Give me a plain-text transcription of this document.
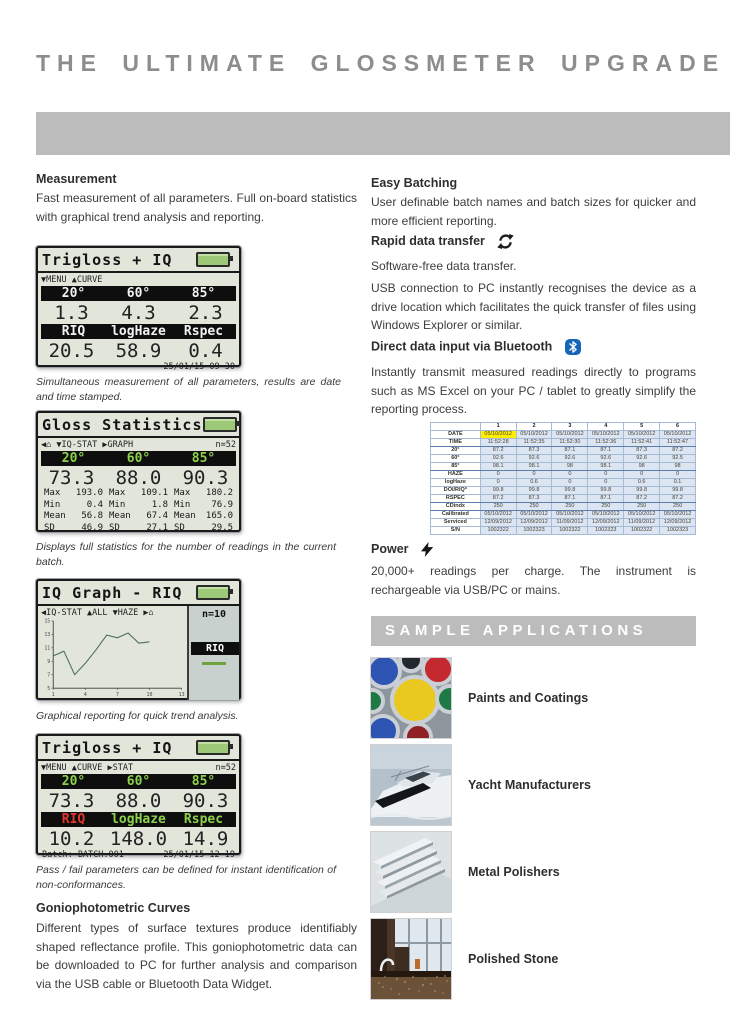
THE ULTIMATE GLOSSMETER UPGRADE
Measurement

Fast measurement of all parameters. Full on-board statistics with graphical trend analysis and reporting.

Trigloss + IQ
▼MENU ▲CURVE
20°	60°	85°
1.3	4.3	2.3
RIQ	logHaze	Rspec
20.5	58.9	0.4
25/01/15 09 30

Simultaneous measurement of all parameters, results are date and time stamped.

Gloss Statistics
◀⌂ ▼IQ-STAT ▶GRAPH	n=52
20°	60°	85°
73.3	88.0	90.3
Max 193.0 Max 109.1 Max 180.2
Min	0.4 Min	1.8 Min 76.9
Mean 56.8 Mean 67.4 Mean 165.0
SD	46.9 SD	27.1 SD	29.5

Displays full statistics for the number of readings in the current batch.

IQ Graph - RIQ
◀IQ-STAT ▲ALL ▼HAZE ▶⌂
5
7
9
11
13
15
1	4	7	10	13
n=10
RIQ

Graphical reporting for quick trend analysis.

Trigloss + IQ
▼MENU ▲CURVE ▶STAT	n=52
20°	60°	85°
73.3	88.0	90.3
RIQ	logHaze	Rspec
10.2 148.0 14.9
Batch: BATCH.001	25/01/15 12 19

Pass / fail parameters can be defined for instant identification of non-conformances.

Goniophotometric Curves

Different types of surface textures produce identifiably shaped reflectance profile. This goniophotometric data can be downloaded to PC for further analysis and comparison via the USB cable or Bluetooth Data Widget.

Easy Batching

User definable batch names and batch sizes for quicker and more efficient reporting.

Rapid data transfer

Software-free data transfer.

USB connection to PC instantly recognises the device as a drive location which facilitates the quick transfer of files using Windows Explorer or similar.

Direct data input via Bluetooth

Instantly transmit measured readings directly to programs such as MS Excel on your PC / tablet to greatly simplify the reporting process.

	1	2	3	4	5	6
DATE	05/10/2012	05/10/2012	05/10/2012	05/10/2012	05/10/2012	05/10/2012
TIME	11:52:28	11:52:35	11:52:30	11:52:36	11:52:41	11:52:47
20°	87.2	87.3	87.1	87.1	87.3	87.2
60°	92.6	92.6	92.6	92.6	92.6	92.5
85°	98.1	98.1	98	98.1	98	98
HAZE	0	0	0	0	0	0
logHaze	0	0.6	0	0	0.6	0.1
DOI/RIQ*	99.8	99.8	99.8	99.8	99.8	99.8
RSPEC	87.2	87.3	87.1	87.1	87.2	87.2
CDindx	250	250	250	250	250	250
Calibrated	05/10/2012	05/10/2012	05/10/2012	05/10/2012	05/10/2012	05/10/2012
Serviced	12/09/2012	12/09/2012	11/09/2012	12/09/2012	11/09/2012	12/09/2012
S/N	1002322	1002323	1002322	1002323	1002322	1002323
Power

20,000+ readings per charge. The instrument is rechargeable via USB/PC or mains.

SAMPLE APPLICATIONS
Paints and Coatings
Yacht Manufacturers
Metal Polishers
Polished Stone
